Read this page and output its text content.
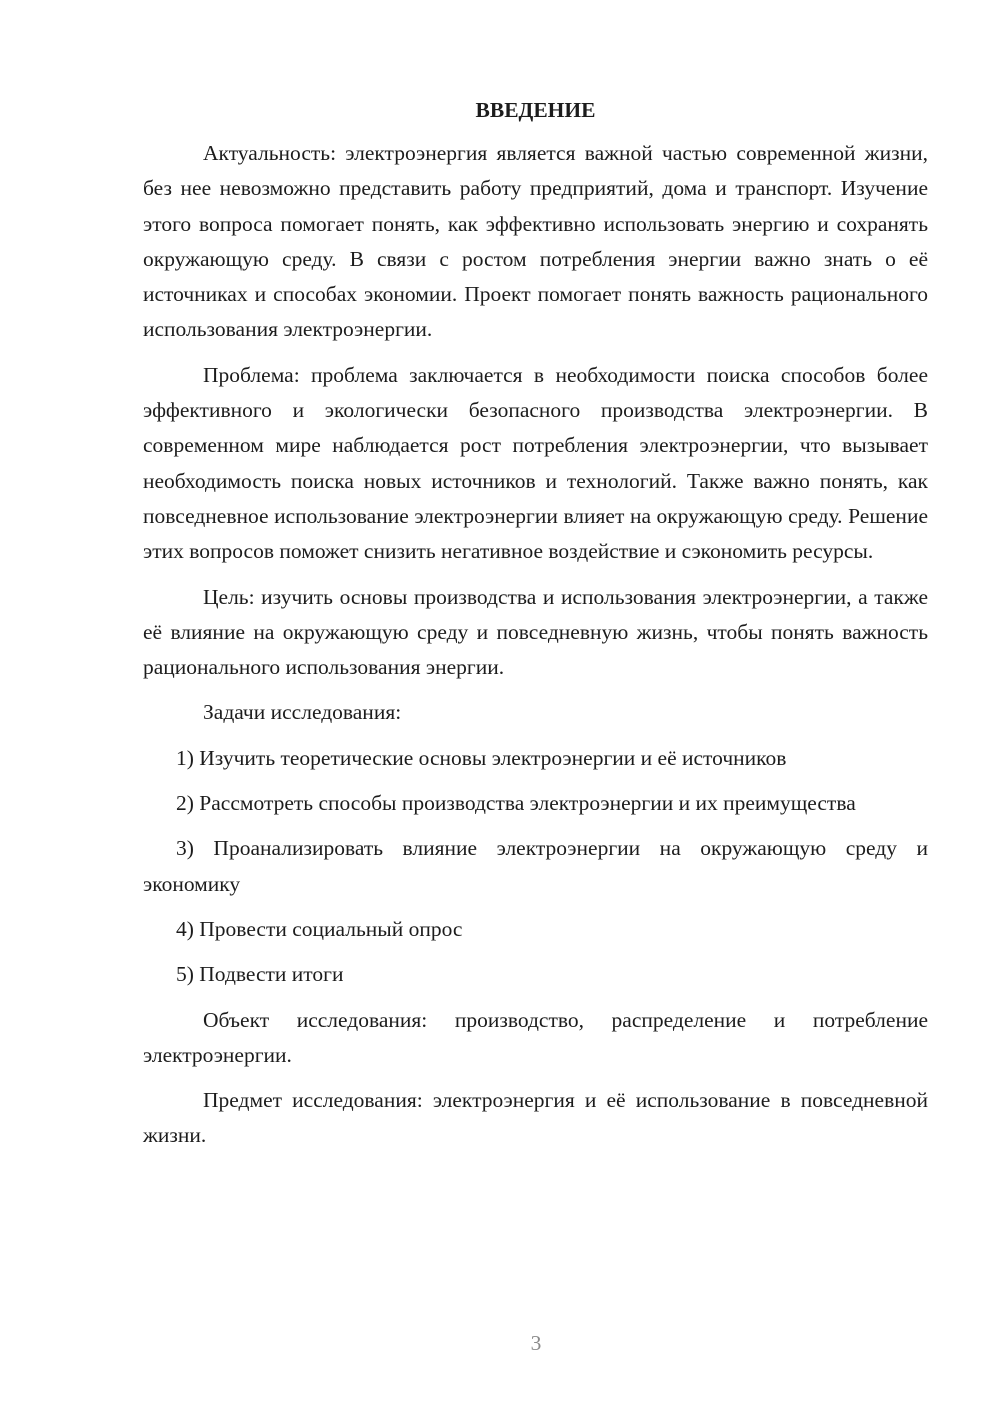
ВВЕДЕНИЕ

Актуальность: электроэнергия является важной частью современной жизни, без нее невозможно представить работу предприятий, дома и транспорт. Изучение этого вопроса помогает понять, как эффективно использовать энергию и сохранять окружающую среду. В связи с ростом потребления энергии важно знать о её источниках и способах экономии. Проект помогает понять важность рационального использования электроэнергии.

Проблема: проблема заключается в необходимости поиска способов более эффективного и экологически безопасного производства электроэнергии. В современном мире наблюдается рост потребления электроэнергии, что вызывает необходимость поиска новых источников и технологий. Также важно понять, как повседневное использование электроэнергии влияет на окружающую среду. Решение этих вопросов поможет снизить негативное воздействие и сэкономить ресурсы.

Цель: изучить основы производства и использования электроэнергии, а также её влияние на окружающую среду и повседневную жизнь, чтобы понять важность рационального использования энергии.

Задачи исследования:

1) Изучить теоретические основы электроэнергии и её источников

2) Рассмотреть способы производства электроэнергии и их преимущества

3) Проанализировать влияние электроэнергии на окружающую среду и экономику

4) Провести социальный опрос

5) Подвести итоги

Объект исследования: производство, распределение и потребление электроэнергии.

Предмет исследования: электроэнергия и её использование в повседневной жизни.

3
